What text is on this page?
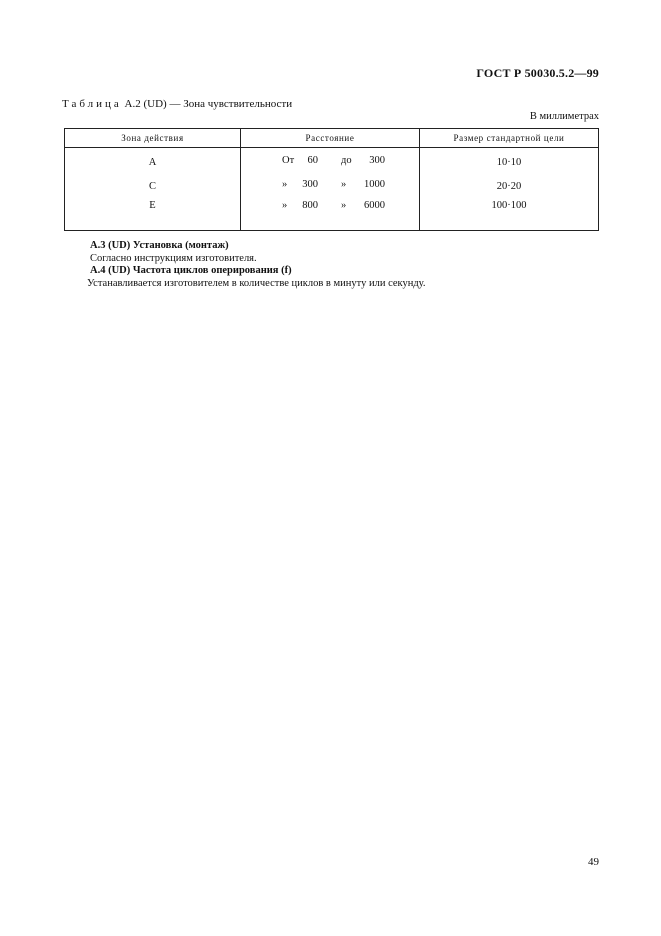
ГОСТ Р 50030.5.2—99
Таблица А.2 (UD) — Зона чувствительности
В миллиметрах
Зона действия	Расстояние	Размер стандартной цели
А	От 60 до 300	10·10
С	» 300 » 1000	20·20
Е	» 800 » 6000	100·100

А.3 (UD) Установка (монтаж)

Согласно инструкциям изготовителя.

А.4 (UD) Частота циклов оперирования (f)

Устанавливается изготовителем в количестве циклов в минуту или секунду.

49
